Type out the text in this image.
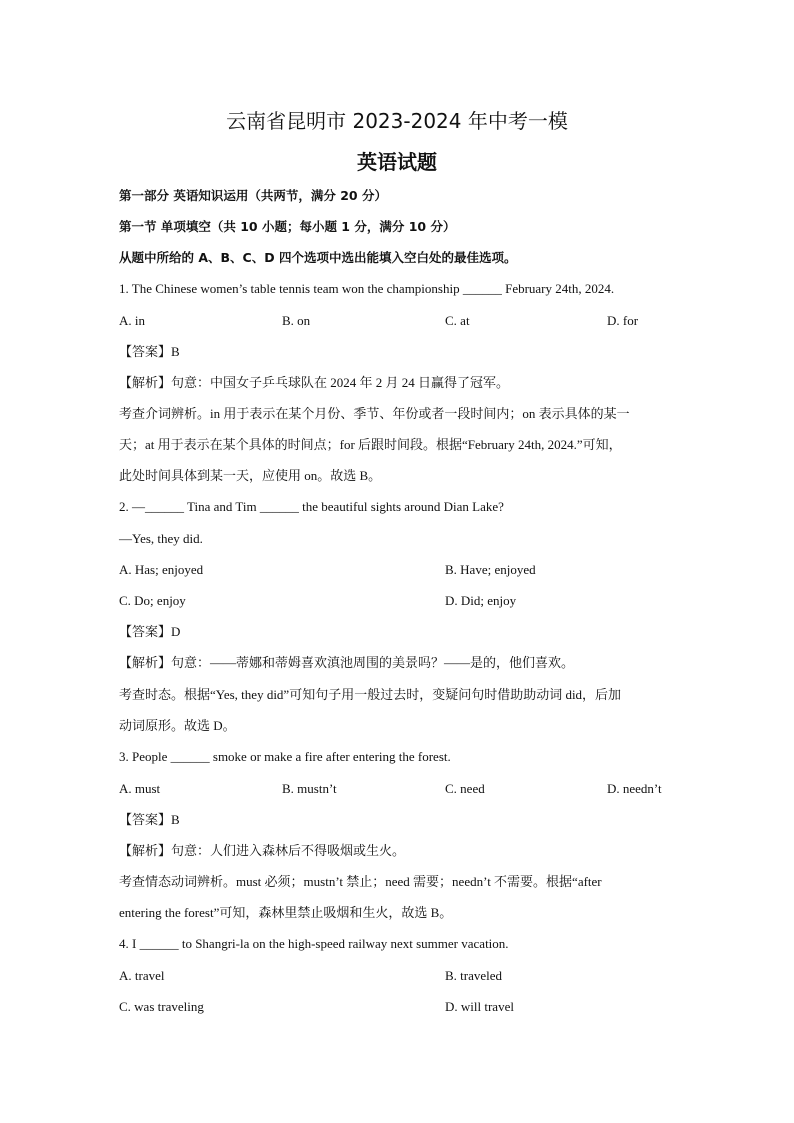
云南省昆明市 2023-2024 年中考一模
英语试题
第一部分 英语知识运用（共两节，满分 20 分）
第一节 单项填空（共 10 小题；每小题 1 分，满分 10 分）
从题中所给的 A、B、C、D 四个选项中选出能填入空白处的最佳选项。
1. The Chinese women’s table tennis team won the championship ______ February 24th, 2024.
A. in	B. on	C. at	D. for
【答案】B
【解析】句意：中国女子乒乓球队在 2024 年 2 月 24 日赢得了冠军。
考查介词辨析。in 用于表示在某个月份、季节、年份或者一段时间内；on 表示具体的某一
天；at 用于表示在某个具体的时间点；for 后跟时间段。根据“February 24th, 2024.”可知，
此处时间具体到某一天，应使用 on。故选 B。
2. —______ Tina and Tim ______ the beautiful sights around Dian Lake?
—Yes, they did.
A. Has; enjoyed	B. Have; enjoyed
C. Do; enjoy	D. Did; enjoy
【答案】D
【解析】句意：——蒂娜和蒂姆喜欢滇池周围的美景吗？——是的，他们喜欢。
考查时态。根据“Yes, they did”可知句子用一般过去时，变疑问句时借助助动词 did，后加
动词原形。故选 D。
3. People ______ smoke or make a fire after entering the forest.
A. must	B. mustn’t	C. need	D. needn’t
【答案】B
【解析】句意：人们进入森林后不得吸烟或生火。
考查情态动词辨析。must 必须；mustn’t 禁止；need 需要；needn’t 不需要。根据“after
entering the forest”可知，森林里禁止吸烟和生火，故选 B。
4. I ______ to Shangri-la on the high-speed railway next summer vacation.
A. travel	B. traveled
C. was traveling	D. will travel
